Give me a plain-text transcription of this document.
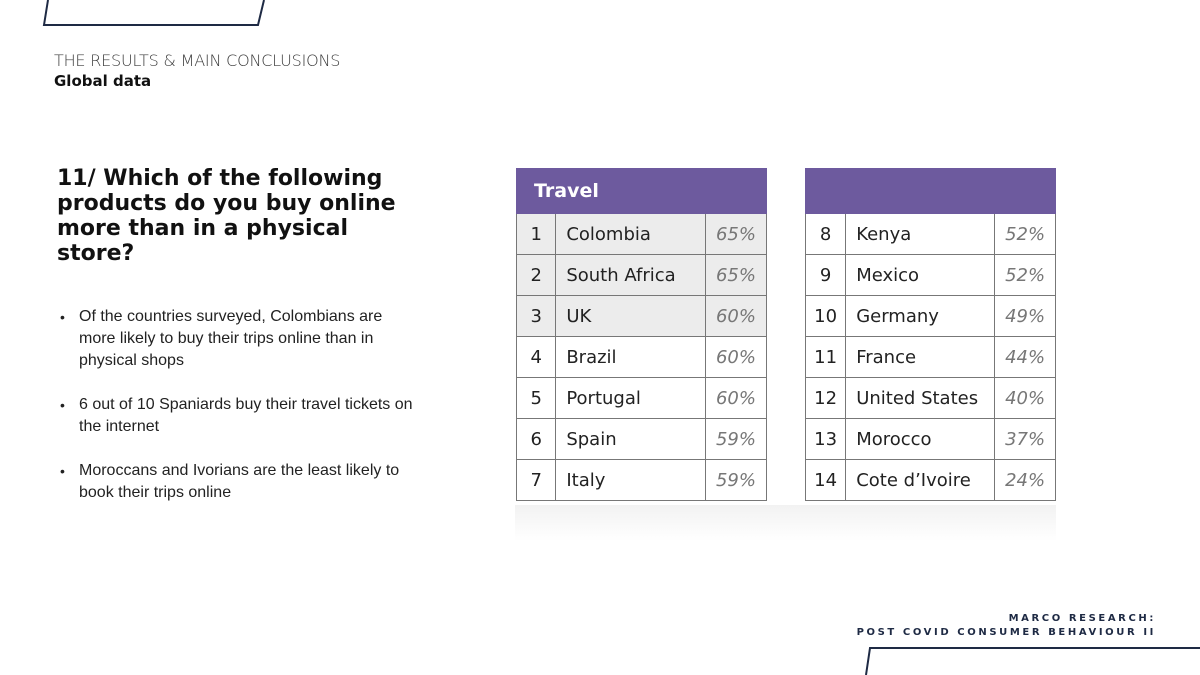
THE RESULTS & MAIN CONCLUSIONS
Global data
11/ Which of the following products do you buy online more than in a physical store?
• Of the countries surveyed, Colombians are more likely to buy their trips online than in physical shops
• 6 out of 10 Spaniards buy their travel tickets on the internet
• Moroccans and Ivorians are the least likely to book their trips online
Travel		
1	Colombia	65%
2	South Africa	65%
3	UK	60%
4	Brazil	60%
5	Portugal	60%
6	Spain	59%
7	Italy	59%

8	Kenya	52%
9	Mexico	52%
10	Germany	49%
11	France	44%
12	United States	40%
13	Morocco	37%
14	Cote d’Ivoire	24%
MARCO RESEARCH:
POST COVID CONSUMER BEHAVIOUR II
